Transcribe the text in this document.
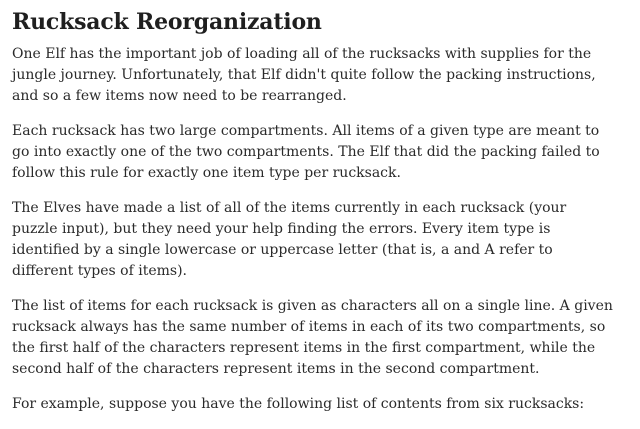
Rucksack Reorganization

One Elf has the important job of loading all of the rucksacks with supplies for the
jungle journey. Unfortunately, that Elf didn't quite follow the packing instructions,
and so a few items now need to be rearranged.

Each rucksack has two large compartments. All items of a given type are meant to
go into exactly one of the two compartments. The Elf that did the packing failed to
follow this rule for exactly one item type per rucksack.

The Elves have made a list of all of the items currently in each rucksack (your
puzzle input), but they need your help finding the errors. Every item type is
identified by a single lowercase or uppercase letter (that is, a and A refer to
different types of items).

The list of items for each rucksack is given as characters all on a single line. A given
rucksack always has the same number of items in each of its two compartments, so
the first half of the characters represent items in the first compartment, while the
second half of the characters represent items in the second compartment.

For example, suppose you have the following list of contents from six rucksacks:
